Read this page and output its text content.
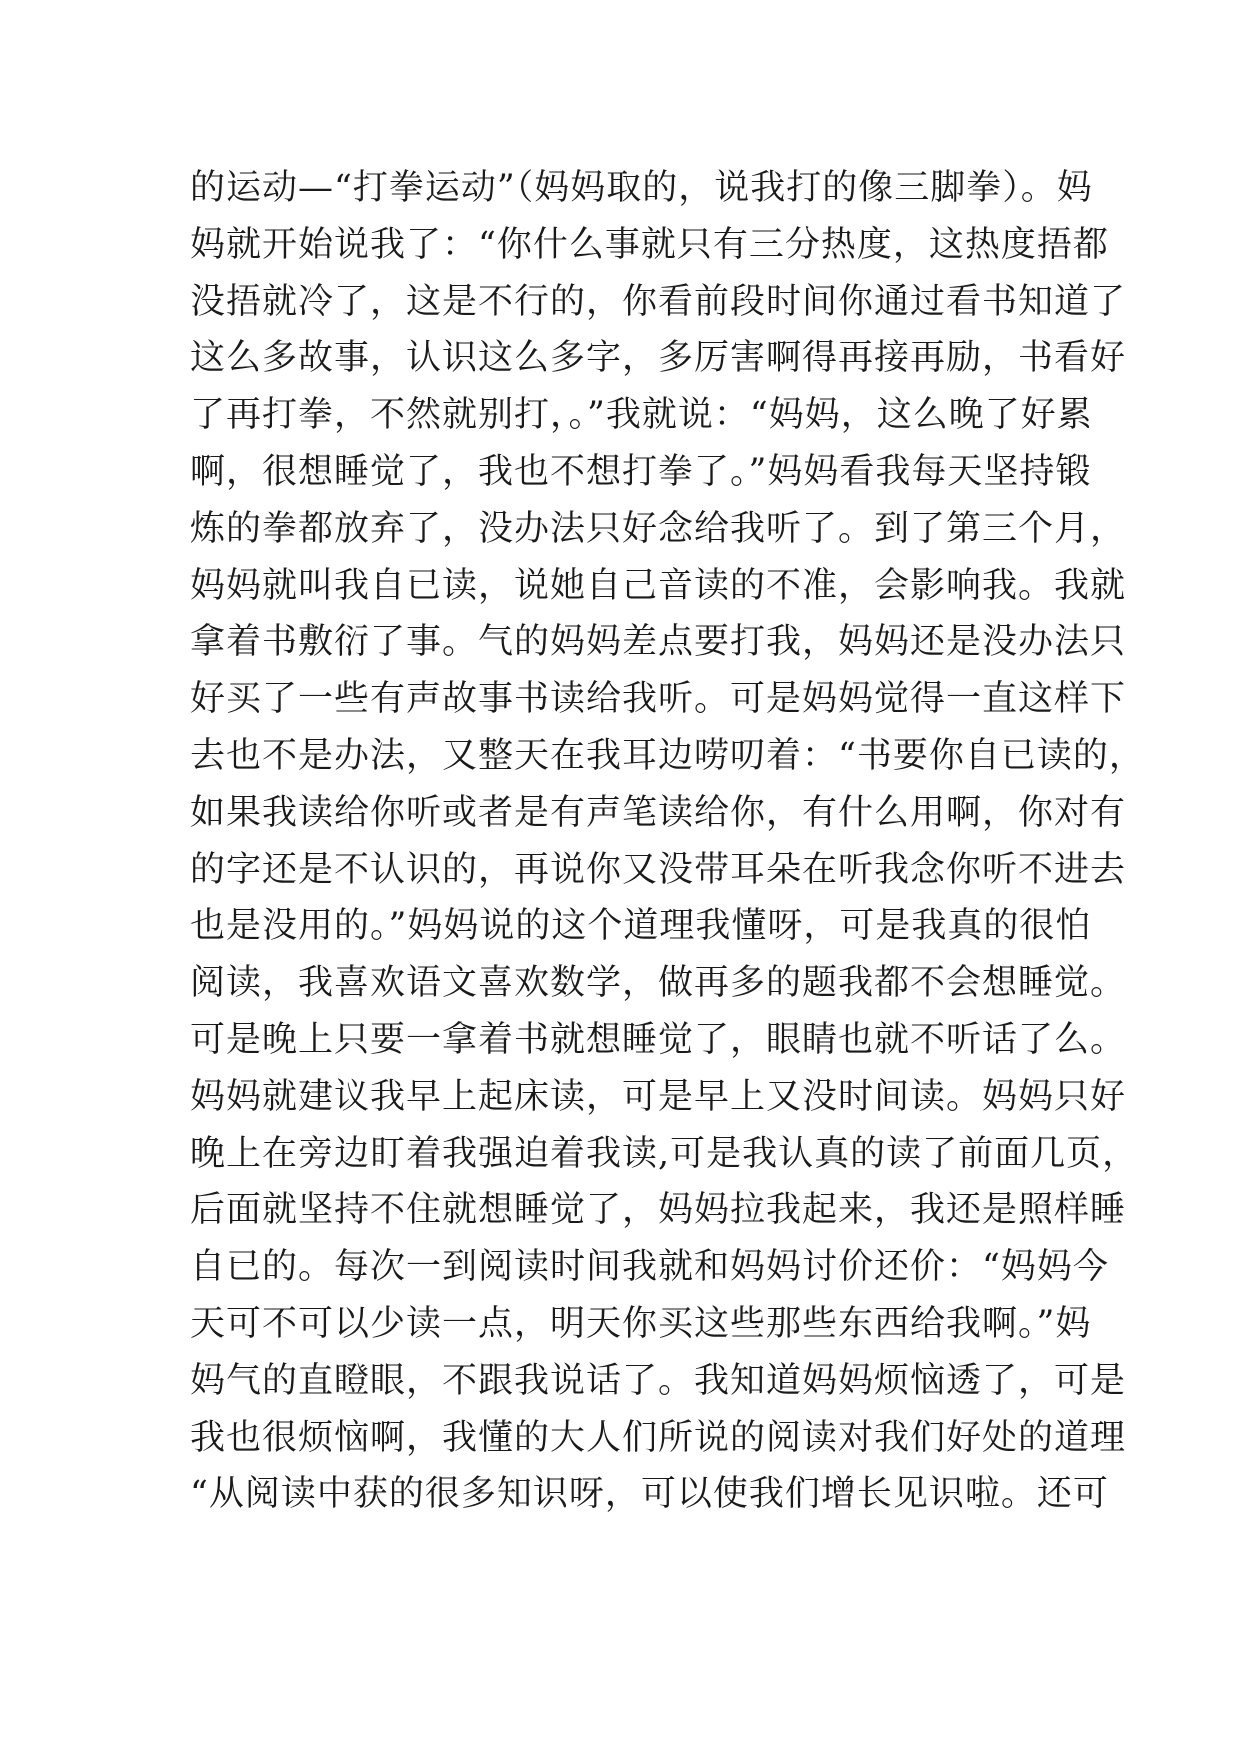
的运动—“打拳运动”（妈妈取的，说我打的像三脚拳）。妈
妈就开始说我了：“你什么事就只有三分热度，这热度捂都
没捂就冷了，这是不行的，你看前段时间你通过看书知道了
这么多故事，认识这么多字，多厉害啊得再接再励，书看好
了再打拳，不然就别打，。”我就说：“妈妈，这么晚了好累
啊，很想睡觉了，我也不想打拳了。”妈妈看我每天坚持锻
炼的拳都放弃了，没办法只好念给我听了。到了第三个月，
妈妈就叫我自已读，说她自己音读的不准，会影响我。我就
拿着书敷衍了事。气的妈妈差点要打我，妈妈还是没办法只
好买了一些有声故事书读给我听。可是妈妈觉得一直这样下
去也不是办法，又整天在我耳边唠叨着：“书要你自已读的，
如果我读给你听或者是有声笔读给你，有什么用啊，你对有
的字还是不认识的，再说你又没带耳朵在听我念你听不进去
也是没用的。”妈妈说的这个道理我懂呀，可是我真的很怕
阅读，我喜欢语文喜欢数学，做再多的题我都不会想睡觉。
可是晚上只要一拿着书就想睡觉了，眼睛也就不听话了么。
妈妈就建议我早上起床读，可是早上又没时间读。妈妈只好
晚上在旁边盯着我强迫着我读,可是我认真的读了前面几页，
后面就坚持不住就想睡觉了，妈妈拉我起来，我还是照样睡
自已的。每次一到阅读时间我就和妈妈讨价还价：“妈妈今
天可不可以少读一点，明天你买这些那些东西给我啊。”妈
妈气的直瞪眼，不跟我说话了。我知道妈妈烦恼透了，可是
我也很烦恼啊，我懂的大人们所说的阅读对我们好处的道理
“从阅读中获的很多知识呀，可以使我们增长见识啦。还可
